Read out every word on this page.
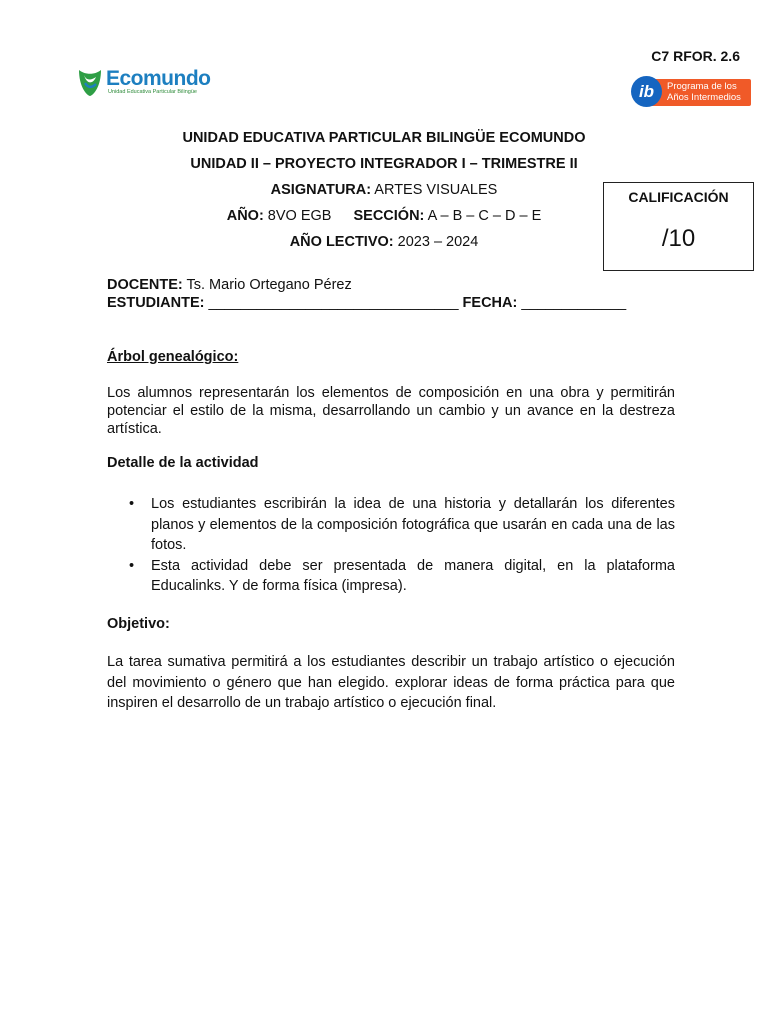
C7 RFOR. 2.6
Ecomundo
Unidad Educativa Particular Bilingüe	Programa de los
Años Intermedios
ib
UNIDAD EDUCATIVA PARTICULAR BILINGÜE ECOMUNDO
UNIDAD II – PROYECTO INTEGRADOR I – TRIMESTRE II
ASIGNATURA: ARTES VISUALES
AÑO: 8VO EGB SECCIÓN: A – B – C – D – E
AÑO LECTIVO: 2023 – 2024
CALIFICACIÓN
/10
DOCENTE: Ts. Mario Ortegano Pérez
ESTUDIANTE: _______________________________ FECHA: _____________
Árbol genealógico:
Los alumnos representarán los elementos de composición en una obra y permitirán potenciar el estilo de la misma, desarrollando un cambio y un avance en la destreza artística.
Detalle de la actividad
• Los estudiantes escribirán la idea de una historia y detallarán los diferentes planos y elementos de la composición fotográfica que usarán en cada una de las fotos.
• Esta actividad debe ser presentada de manera digital, en la plataforma Educalinks. Y de forma física (impresa).
Objetivo:
La tarea sumativa permitirá a los estudiantes describir un trabajo artístico o ejecución del movimiento o género que han elegido. explorar ideas de forma práctica para que inspiren el desarrollo de un trabajo artístico o ejecución final.
